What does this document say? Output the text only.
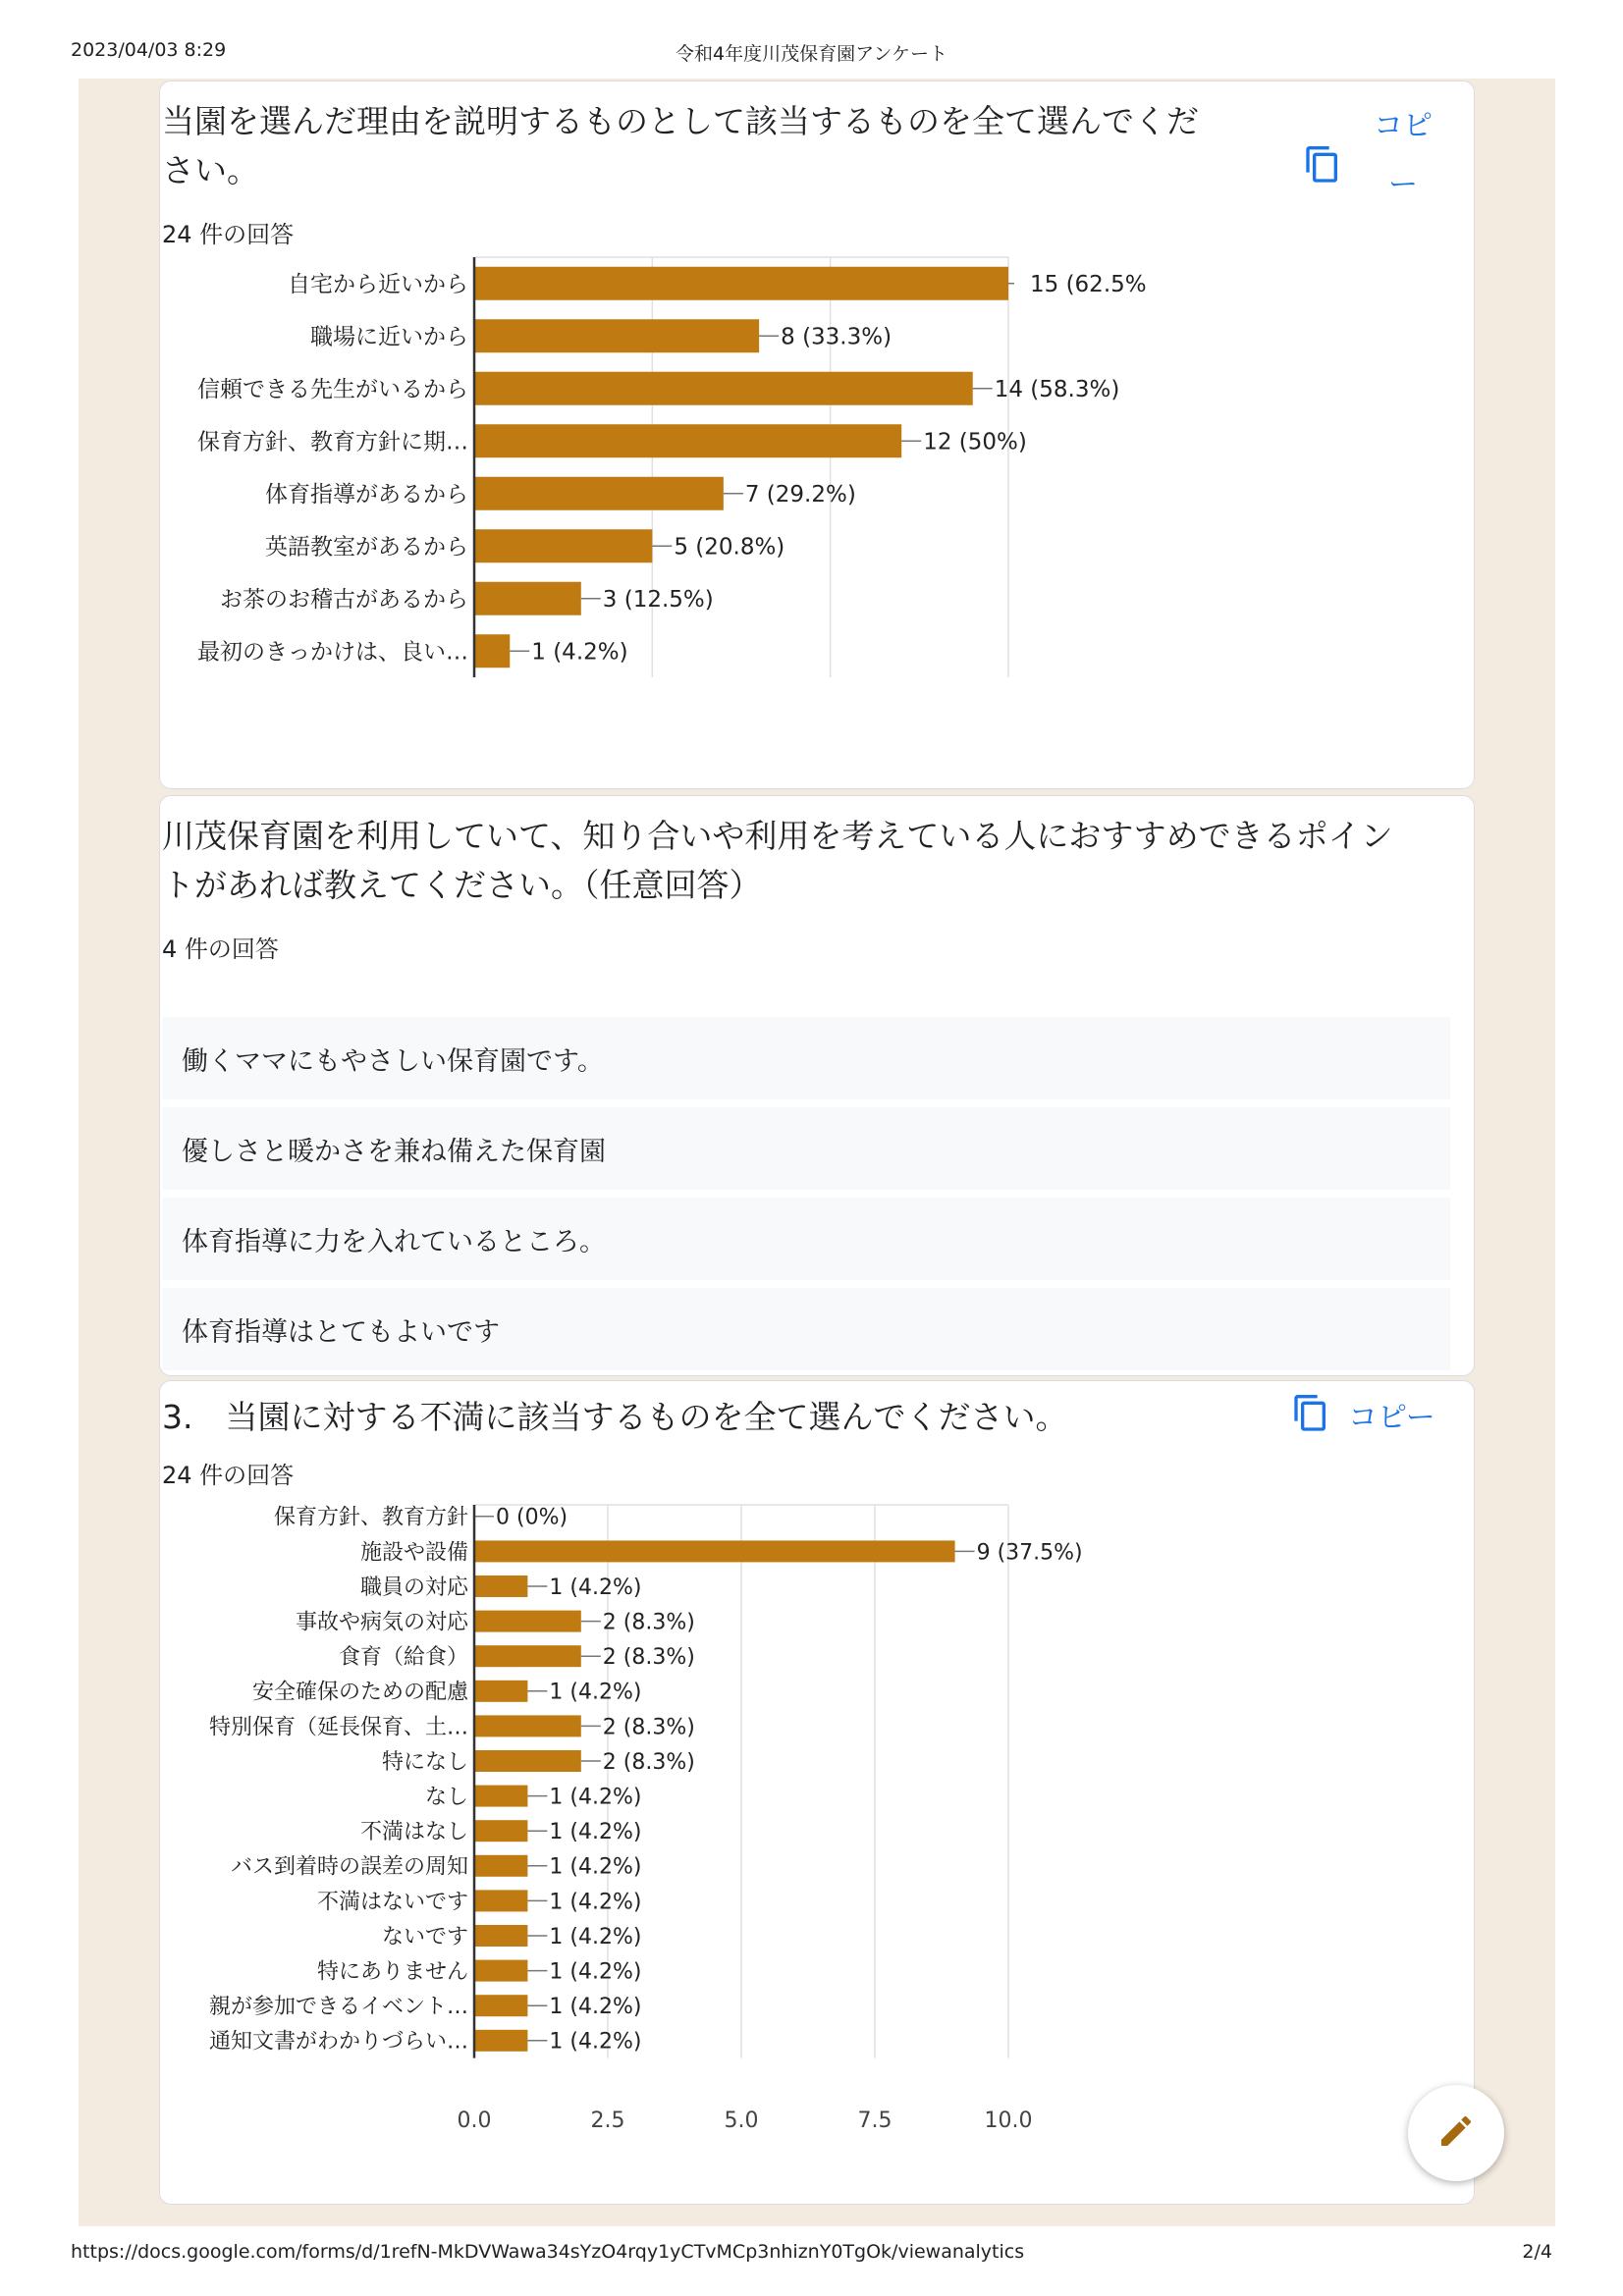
2023/04/03 8:29	令和4年度川茂保育園アンケート
当園を選んだ理由を説明するものとして該当するものを全て選んでくだ
さい。
24 件の回答
コピ
ー
自宅から近いから	15 (62.5%
職場に近いから	8 (33.3%)
信頼できる先生がいるから	14 (58.3%)
保育方針、教育方針に期…	12 (50%)
体育指導があるから	7 (29.2%)
英語教室があるから	5 (20.8%)
お茶のお稽古があるから	3 (12.5%)
最初のきっかけは、良い…	1 (4.2%)
川茂保育園を利用していて、知り合いや利用を考えている人におすすめできるポイン
トがあれば教えてください。（任意回答）
4 件の回答
働くママにもやさしい保育園です。
優しさと暖かさを兼ね備えた保育園
体育指導に力を入れているところ。
体育指導はとてもよいです
3.　当園に対する不満に該当するものを全て選んでください。
24 件の回答
コピー
0.0	2.5	5.0	7.5	10.0
保育方針、教育方針 0 (0%)
施設や設備	9 (37.5%)
職員の対応	1 (4.2%)
事故や病気の対応	2 (8.3%)
食育（給食）	2 (8.3%)
安全確保のための配慮	1 (4.2%)
特別保育（延長保育、土…	2 (8.3%)
特になし	2 (8.3%)
なし	1 (4.2%)
不満はなし	1 (4.2%)
バス到着時の誤差の周知	1 (4.2%)
不満はないです	1 (4.2%)
ないです	1 (4.2%)
特にありません	1 (4.2%)
親が参加できるイベント…	1 (4.2%)
通知文書がわかりづらい…	1 (4.2%)
https://docs.google.com/forms/d/1refN-MkDVWawa34sYzO4rqy1yCTvMCp3nhiznY0TgOk/viewanalytics	2/4
